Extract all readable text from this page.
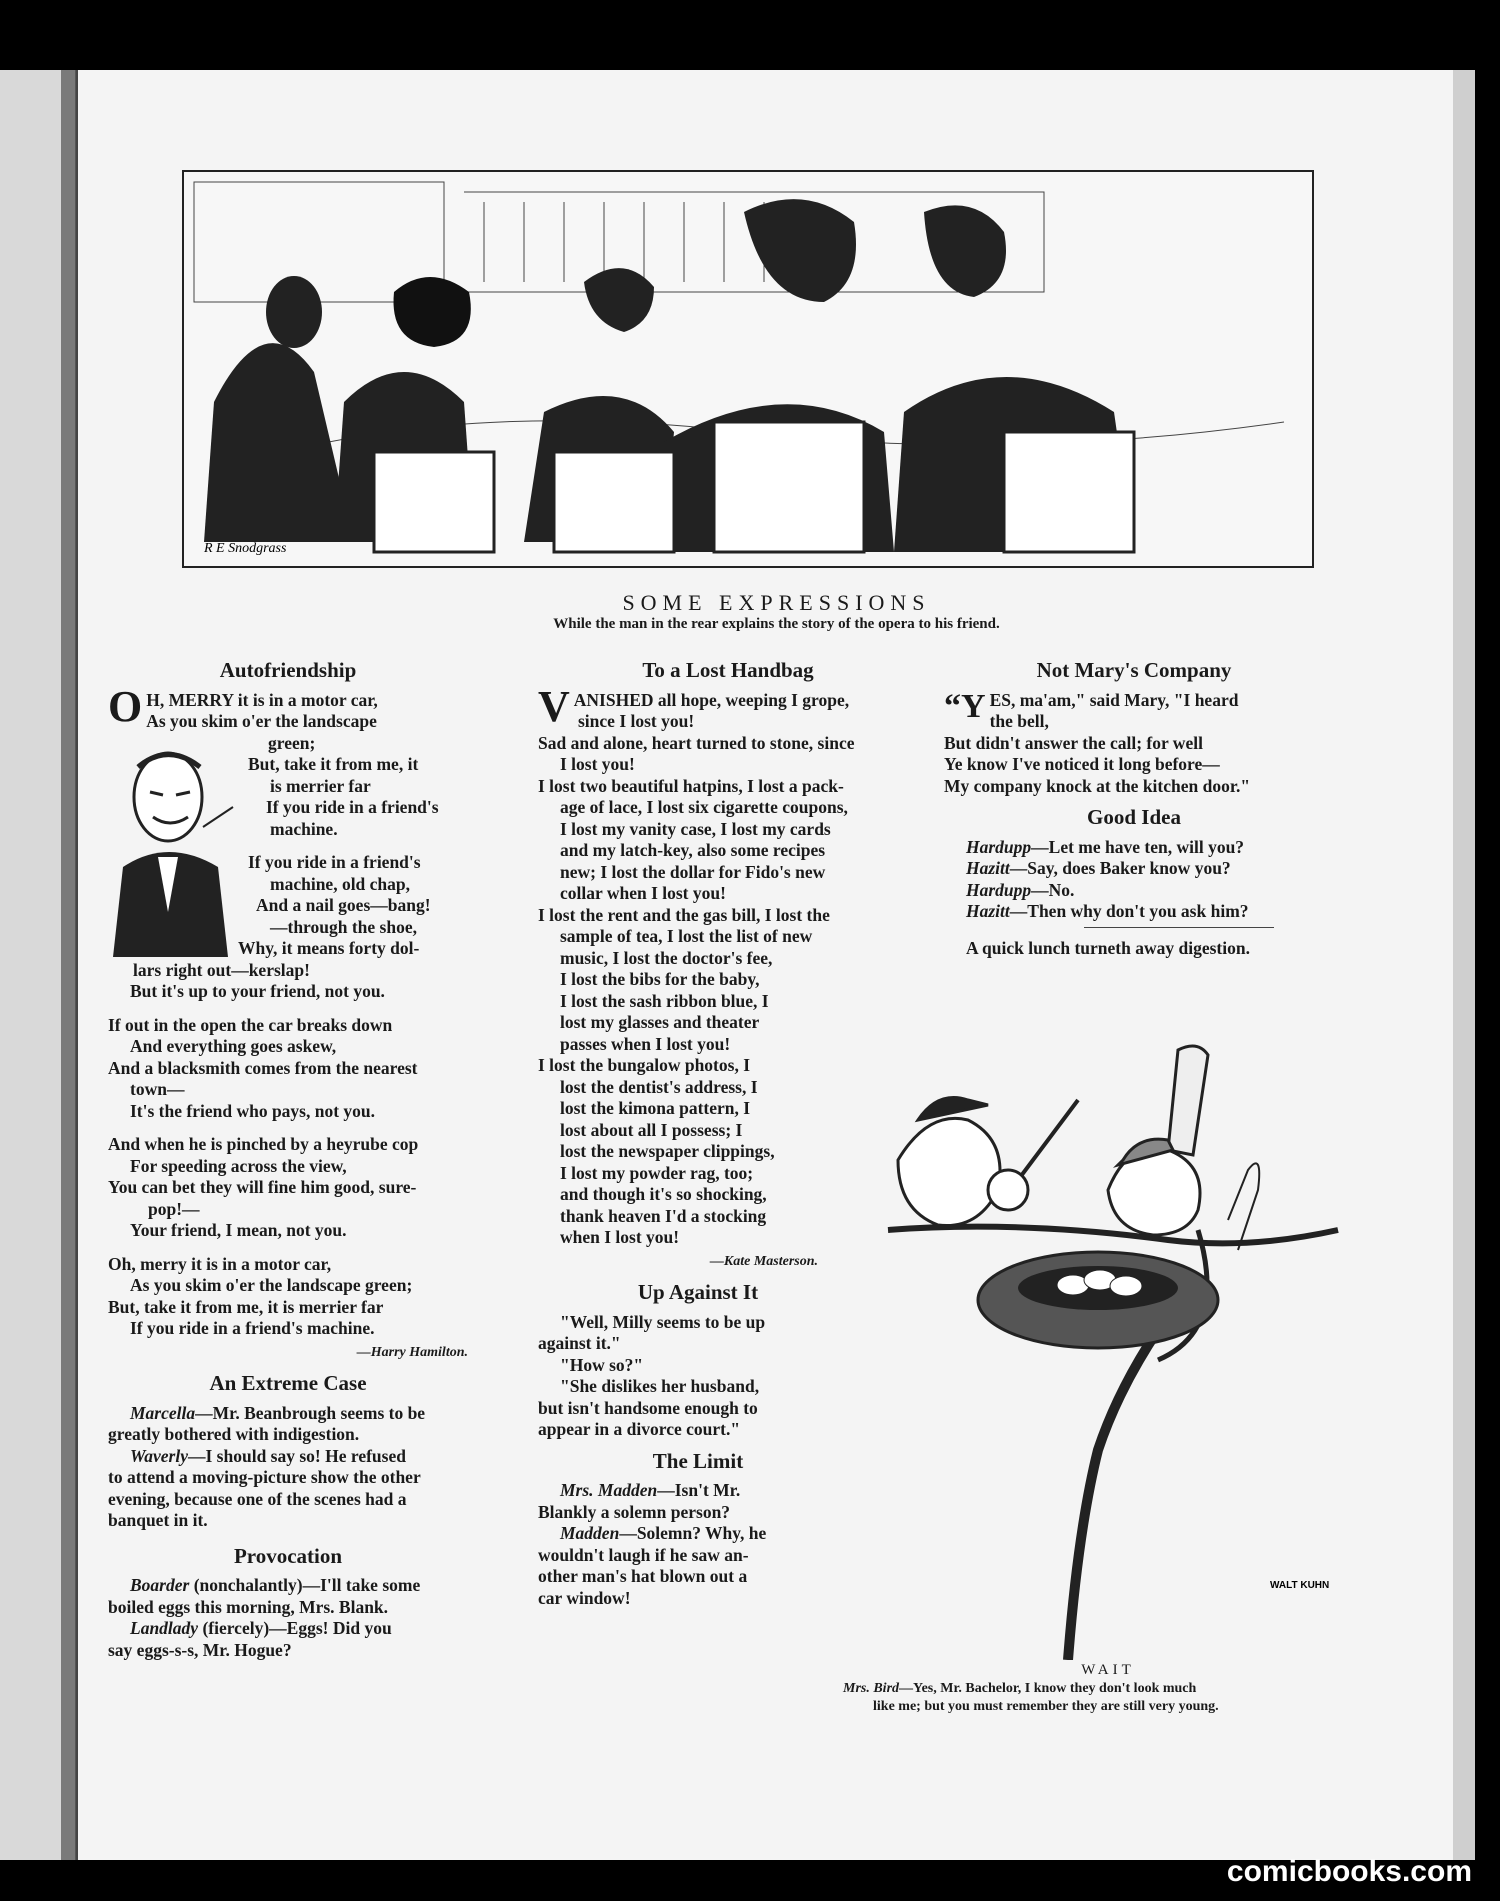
R E Snodgrass
SOME EXPRESSIONS
While the man in the rear explains the story of the opera to his friend.
Autofriendship
O H, MERRY it is in a motor car,
As you skim o'er the landscape
green;
But, take it from me, it
is merrier far
If you ride in a friend's
machine.
If you ride in a friend's
machine, old chap,
And a nail goes—bang!
—through the shoe,
Why, it means forty dol-
lars right out—kerslap!
But it's up to your friend, not you.
If out in the open the car breaks down
And everything goes askew,
And a blacksmith comes from the nearest
town—
It's the friend who pays, not you.
And when he is pinched by a heyrube cop
For speeding across the view,
You can bet they will fine him good, sure-
pop!—
Your friend, I mean, not you.
Oh, merry it is in a motor car,
As you skim o'er the landscape green;
But, take it from me, it is merrier far
If you ride in a friend's machine.
—Harry Hamilton.
An Extreme Case
Marcella—Mr. Beanbrough seems to be
greatly bothered with indigestion.
Waverly—I should say so! He refused
to attend a moving-picture show the other
evening, because one of the scenes had a
banquet in it.
Provocation
Boarder (nonchalantly)—I'll take some
boiled eggs this morning, Mrs. Blank.
Landlady (fiercely)—Eggs! Did you
say eggs-s-s, Mr. Hogue?
To a Lost Handbag
VANISHED all hope, weeping I grope,
since I lost you!
Sad and alone, heart turned to stone, since
I lost you!
I lost two beautiful hatpins, I lost a pack-
age of lace, I lost six cigarette coupons,
I lost my vanity case, I lost my cards
and my latch-key, also some recipes
new; I lost the dollar for Fido's new
collar when I lost you!
I lost the rent and the gas bill, I lost the
sample of tea, I lost the list of new
music, I lost the doctor's fee,
I lost the bibs for the baby,
I lost the sash ribbon blue, I
lost my glasses and theater
passes when I lost you!
I lost the bungalow photos, I
lost the dentist's address, I
lost the kimona pattern, I
lost about all I possess; I
lost the newspaper clippings,
I lost my powder rag, too;
and though it's so shocking,
thank heaven I'd a stocking
when I lost you!
—Kate Masterson.
Up Against It
"Well, Milly seems to be up
against it."
"How so?"
"She dislikes her husband,
but isn't handsome enough to
appear in a divorce court."
The Limit
Mrs. Madden—Isn't Mr.
Blankly a solemn person?
Madden—Solemn? Why, he
wouldn't laugh if he saw an-
other man's hat blown out a
car window!
Not Mary's Company
“YES, ma'am," said Mary, "I heard
the bell,
But didn't answer the call; for well
Ye know I've noticed it long before—
My company knock at the kitchen door."
Good Idea
Hardupp—Let me have ten, will you?
Hazitt—Say, does Baker know you?
Hardupp—No.
Hazitt—Then why don't you ask him?
A quick lunch turneth away digestion.
WALT KUHN
WAIT
Mrs. Bird—Yes, Mr. Bachelor, I know they don't look much
like me; but you must remember they are still very young.
comicbooks.com
